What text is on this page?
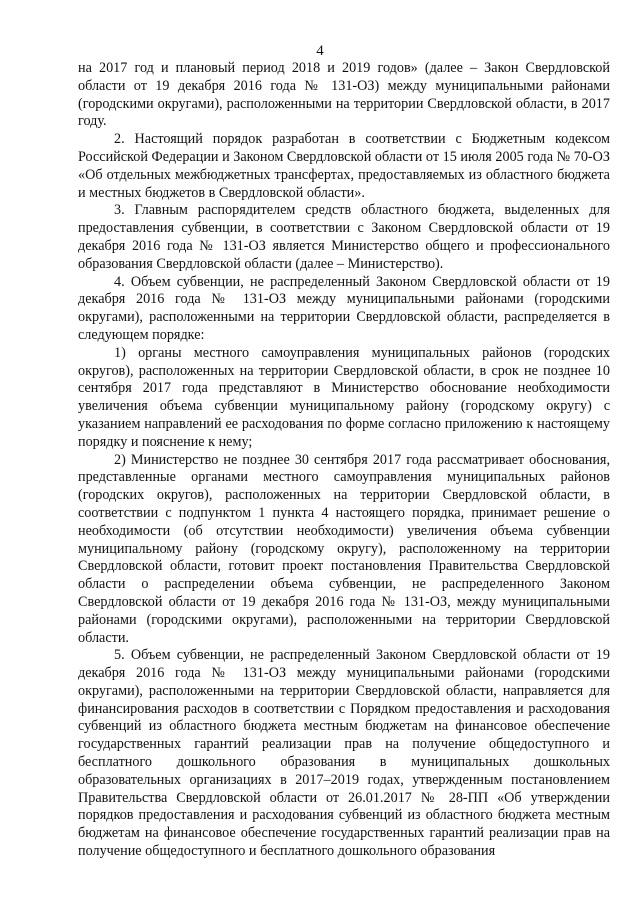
4

на 2017 год и плановый период 2018 и 2019 годов» (далее – Закон Свердловской области от 19 декабря 2016 года № 131-ОЗ) между муниципальными районами (городскими округами), расположенными на территории Свердловской области, в 2017 году.

2. Настоящий порядок разработан в соответствии с Бюджетным кодексом Российской Федерации и Законом Свердловской области от 15 июля 2005 года № 70-ОЗ «Об отдельных межбюджетных трансфертах, предоставляемых из областного бюджета и местных бюджетов в Свердловской области».

3. Главным распорядителем средств областного бюджета, выделенных для предоставления субвенции, в соответствии с Законом Свердловской области от 19 декабря 2016 года № 131-ОЗ является Министерство общего и профессионального образования Свердловской области (далее – Министерство).

4. Объем субвенции, не распределенный Законом Свердловской области от 19 декабря 2016 года № 131-ОЗ между муниципальными районами (городскими округами), расположенными на территории Свердловской области, распределяется в следующем порядке:

1) органы местного самоуправления муниципальных районов (городских округов), расположенных на территории Свердловской области, в срок не позднее 10 сентября 2017 года представляют в Министерство обоснование необходимости увеличения объема субвенции муниципальному району (городскому округу) с указанием направлений ее расходования по форме согласно приложению к настоящему порядку и пояснение к нему;

2) Министерство не позднее 30 сентября 2017 года рассматривает обоснования, представленные органами местного самоуправления муниципальных районов (городских округов), расположенных на территории Свердловской области, в соответствии с подпунктом 1 пункта 4 настоящего порядка, принимает решение о необходимости (об отсутствии необходимости) увеличения объема субвенции муниципальному району (городскому округу), расположенному на территории Свердловской области, готовит проект постановления Правительства Свердловской области о распределении объема субвенции, не распределенного Законом Свердловской области от 19 декабря 2016 года № 131-ОЗ, между муниципальными районами (городскими округами), расположенными на территории Свердловской области.

5. Объем субвенции, не распределенный Законом Свердловской области от 19 декабря 2016 года № 131-ОЗ между муниципальными районами (городскими округами), расположенными на территории Свердловской области, направляется для финансирования расходов в соответствии с Порядком предоставления и расходования субвенций из областного бюджета местным бюджетам на финансовое обеспечение государственных гарантий реализации прав на получение общедоступного и бесплатного дошкольного образования в муниципальных дошкольных образовательных организациях в 2017–2019 годах, утвержденным постановлением Правительства Свердловской области от 26.01.2017 № 28-ПП «Об утверждении порядков предоставления и расходования субвенций из областного бюджета местным бюджетам на финансовое обеспечение государственных гарантий реализации прав на получение общедоступного и бесплатного дошкольного образования
